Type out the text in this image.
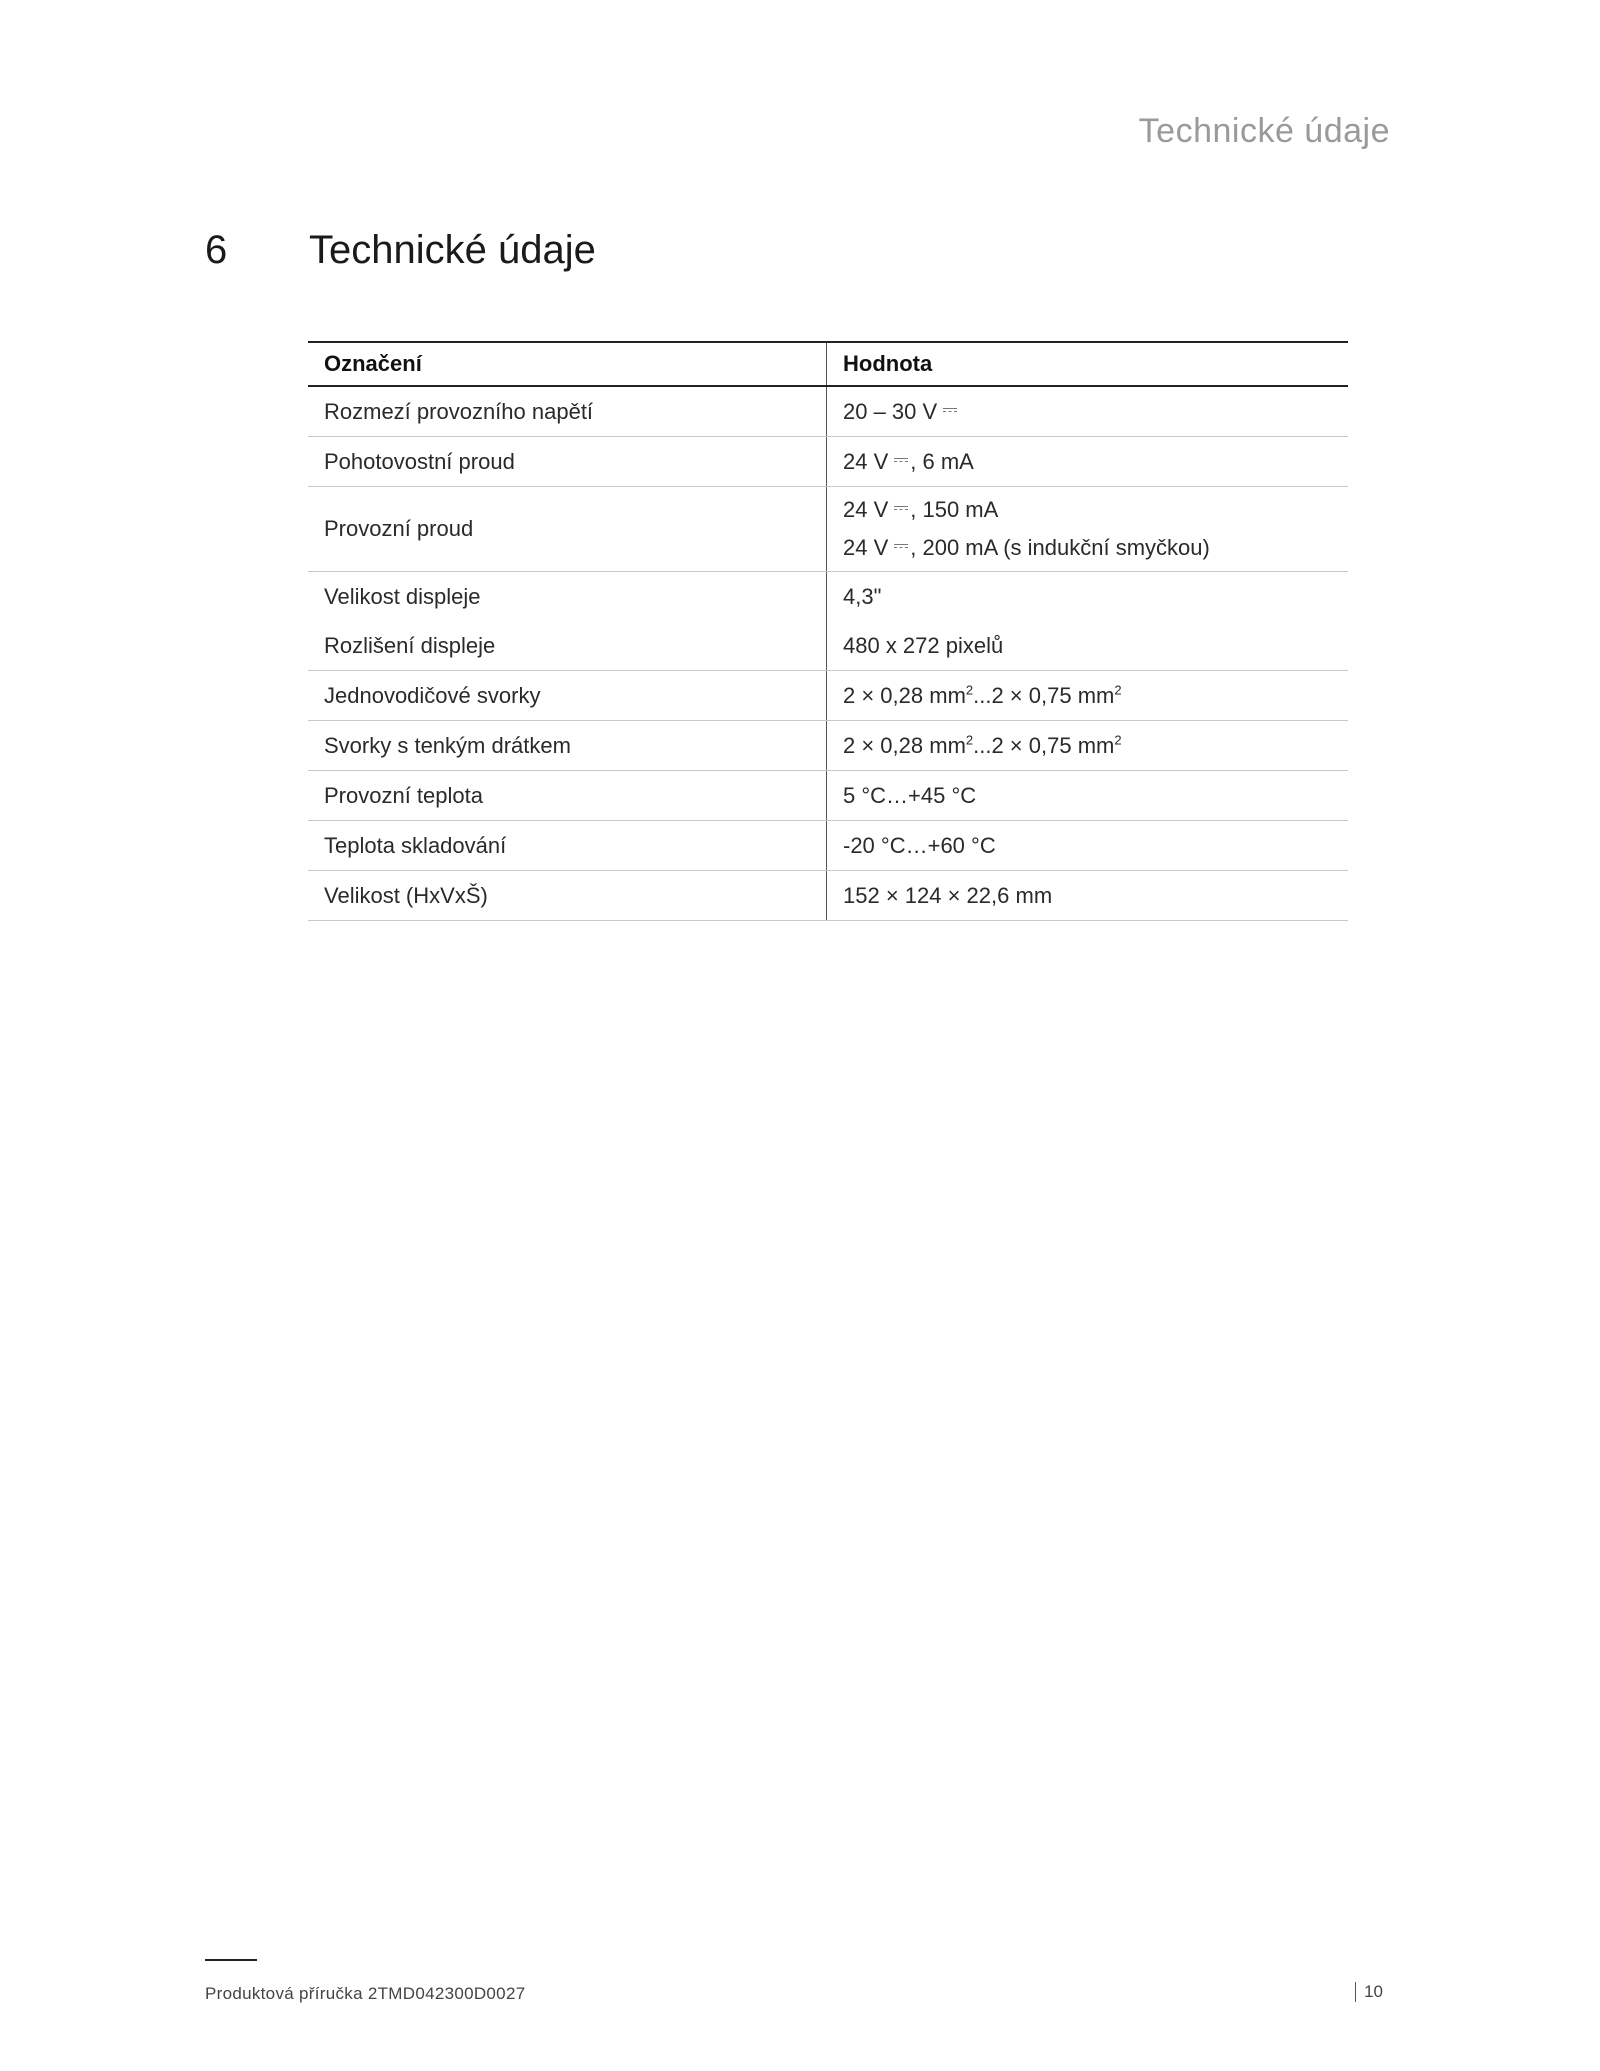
Technické údaje
6 Technické údaje
Označení	Hodnota
Rozmezí provozního napětí	20 – 30 V
Pohotovostní proud	24 V , 6 mA
Provozní proud	24 V , 150 mA
24 V , 200 mA (s indukční smyčkou)

Velikost displeje	4,3"
Rozlišení displeje	480 x 272 pixelů
Jednovodičové svorky	2 × 0,28 $mm^2...2 \times 0,75$ $mm^2$
Svorky s tenkým drátkem	2 × 0,28 $mm^2...2 \times 0,75$ $mm^2$
Provozní teplota	5 °C…+45 °C
Teplota skladování	-20 °C…+60 °C
Velikost (HxVxŠ)	152 × 124 × 22,6 mm
Produktová příručka 2TMD042300D0027	10
